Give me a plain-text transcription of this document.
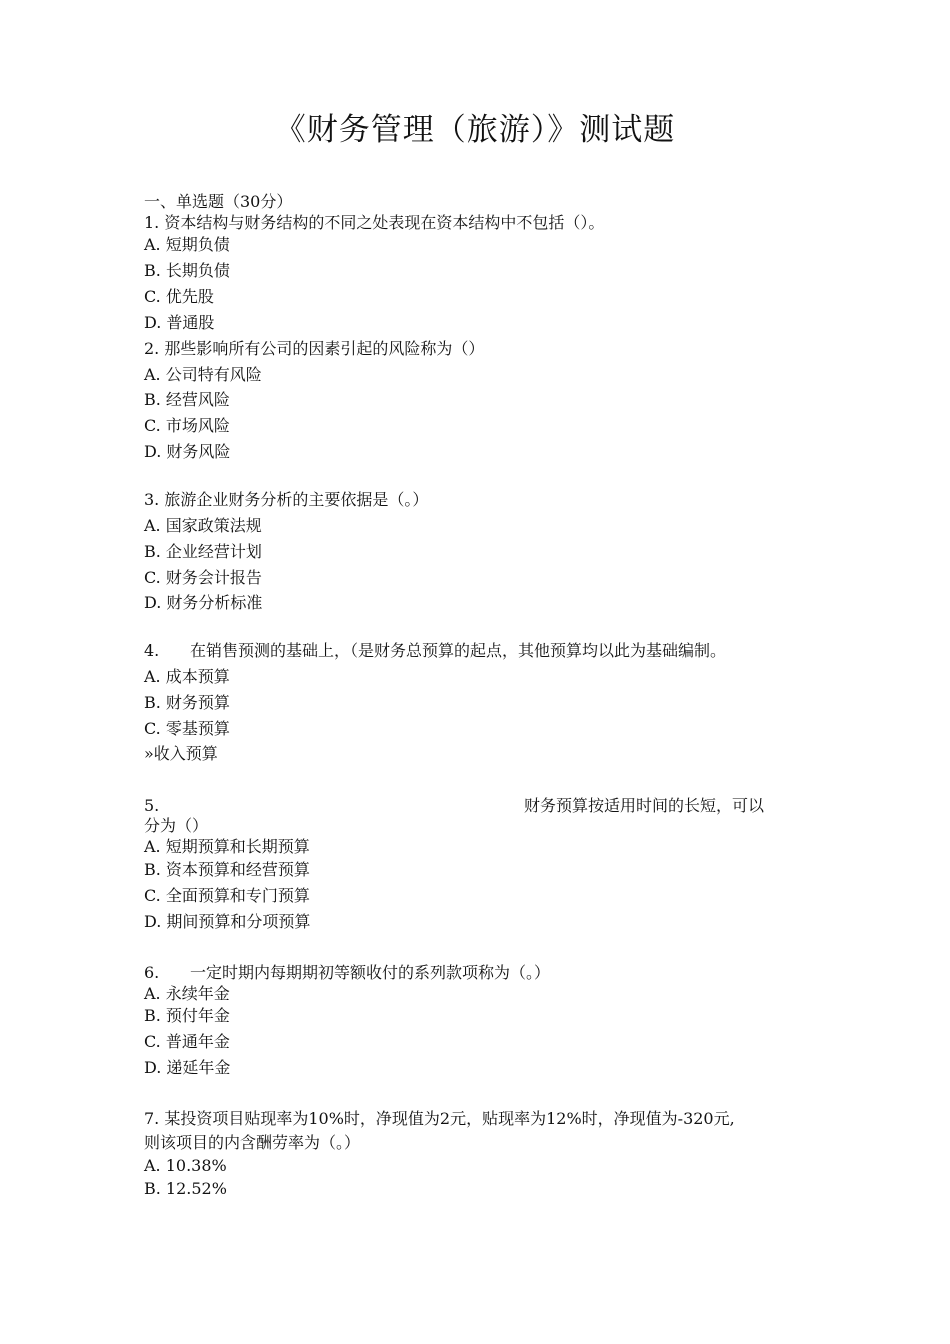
《财务管理（旅游）》测试题
一、单选题（30分）
1. 资本结构与财务结构的不同之处表现在资本结构中不包括（）。
A. 短期负债
B. 长期负债
C. 优先股
D. 普通股
2. 那些影响所有公司的因素引起的风险称为（）
A. 公司特有风险
B. 经营风险
C. 市场风险
D. 财务风险
3. 旅游企业财务分析的主要依据是（。）
A. 国家政策法规
B. 企业经营计划
C. 财务会计报告
D. 财务分析标准
4. 在销售预测的基础上，（是财务总预算的起点，其他预算均以此为基础编制。
A. 成本预算
B. 财务预算
C. 零基预算
»收入预算
5.	财务预算按适用时间的长短，可以
分为（）
A. 短期预算和长期预算
B. 资本预算和经营预算
C. 全面预算和专门预算
D. 期间预算和分项预算
6. 一定时期内每期期初等额收付的系列款项称为（。）
A. 永续年金
B. 预付年金
C. 普通年金
D. 递延年金
7. 某投资项目贴现率为10%时，净现值为2元，贴现率为12%时，净现值为-320元,
则该项目的内含酬劳率为（。）
A. 10.38%
B. 12.52%
